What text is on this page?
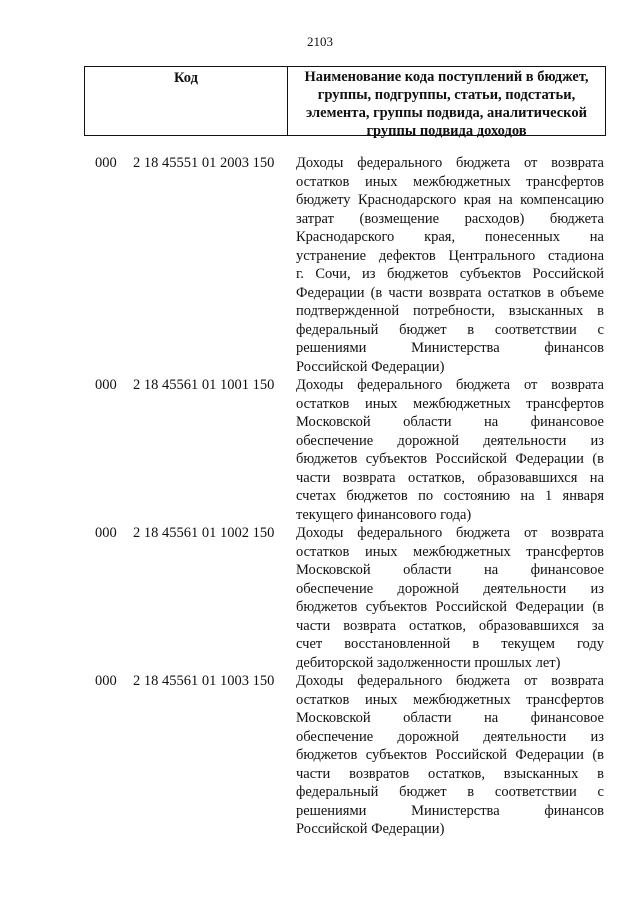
2103
Код	Наименование кода поступлений в бюджет,
группы, подгруппы, статьи, подстатьи,
элемента, группы подвида, аналитической
группы подвида доходов
000 2 18 45551 01 2003 150 Доходы федерального бюджета от возврата
остатков иных межбюджетных трансфертов
бюджету Краснодарского края на компенсацию
затрат (возмещение расходов) бюджета
Краснодарского края, понесенных на
устранение дефектов Центрального стадиона
г. Сочи, из бюджетов субъектов Российской
Федерации (в части возврата остатков в объеме
подтвержденной потребности, взысканных в
федеральный бюджет в соответствии с
решениями Министерства финансов
Российской Федерации)
000 2 18 45561 01 1001 150 Доходы федерального бюджета от возврата
остатков иных межбюджетных трансфертов
Московской области на финансовое
обеспечение дорожной деятельности из
бюджетов субъектов Российской Федерации (в
части возврата остатков, образовавшихся на
счетах бюджетов по состоянию на 1 января
текущего финансового года)
000 2 18 45561 01 1002 150 Доходы федерального бюджета от возврата
остатков иных межбюджетных трансфертов
Московской области на финансовое
обеспечение дорожной деятельности из
бюджетов субъектов Российской Федерации (в
части возврата остатков, образовавшихся за
счет восстановленной в текущем году
дебиторской задолженности прошлых лет)
000 2 18 45561 01 1003 150 Доходы федерального бюджета от возврата
остатков иных межбюджетных трансфертов
Московской области на финансовое
обеспечение дорожной деятельности из
бюджетов субъектов Российской Федерации (в
части возвратов остатков, взысканных в
федеральный бюджет в соответствии с
решениями Министерства финансов
Российской Федерации)
